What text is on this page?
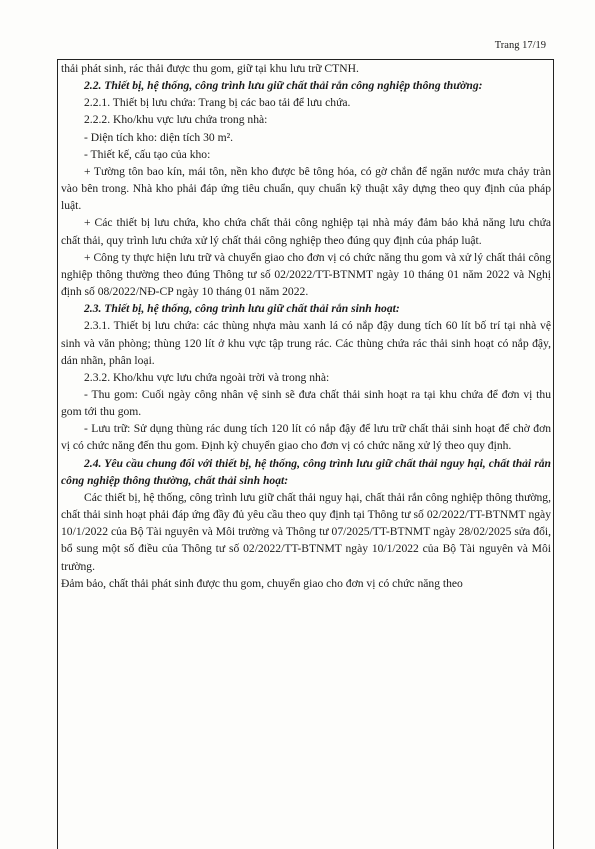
Trang 17/19

thải phát sinh, rác thải được thu gom, giữ tại khu lưu trữ CTNH.

2.2. Thiết bị, hệ thống, công trình lưu giữ chất thải rắn công nghiệp thông thường:

2.2.1. Thiết bị lưu chứa: Trang bị các bao tải để lưu chứa.

2.2.2. Kho/khu vực lưu chứa trong nhà:

- Diện tích kho: diện tích 30 m².

- Thiết kế, cấu tạo của kho:

+ Tường tôn bao kín, mái tôn, nền kho được bê tông hóa, có gờ chắn để ngăn nước mưa chảy tràn vào bên trong. Nhà kho phải đáp ứng tiêu chuẩn, quy chuẩn kỹ thuật xây dựng theo quy định của pháp luật.

+ Các thiết bị lưu chứa, kho chứa chất thải công nghiệp tại nhà máy đảm bảo khả năng lưu chứa chất thải, quy trình lưu chứa xử lý chất thải công nghiệp theo đúng quy định của pháp luật.

+ Công ty thực hiện lưu trữ và chuyển giao cho đơn vị có chức năng thu gom và xử lý chất thải công nghiệp thông thường theo đúng Thông tư số 02/2022/TT-BTNMT ngày 10 tháng 01 năm 2022 và Nghị định số 08/2022/NĐ-CP ngày 10 tháng 01 năm 2022.

2.3. Thiết bị, hệ thống, công trình lưu giữ chất thải rắn sinh hoạt:

2.3.1. Thiết bị lưu chứa: các thùng nhựa màu xanh lá có nắp đậy dung tích 60 lít bố trí tại nhà vệ sinh và văn phòng; thùng 120 lít ở khu vực tập trung rác. Các thùng chứa rác thải sinh hoạt có nắp đậy, dán nhãn, phân loại.

2.3.2. Kho/khu vực lưu chứa ngoài trời và trong nhà:

- Thu gom: Cuối ngày công nhân vệ sinh sẽ đưa chất thải sinh hoạt ra tại khu chứa để đơn vị thu gom tới thu gom.

- Lưu trữ: Sử dụng thùng rác dung tích 120 lít có nắp đậy để lưu trữ chất thải sinh hoạt để chờ đơn vị có chức năng đến thu gom. Định kỳ chuyển giao cho đơn vị có chức năng xử lý theo quy định.

2.4. Yêu cầu chung đối với thiết bị, hệ thống, công trình lưu giữ chất thải nguy hại, chất thải rắn công nghiệp thông thường, chất thải sinh hoạt:

Các thiết bị, hệ thống, công trình lưu giữ chất thải nguy hại, chất thải rắn công nghiệp thông thường, chất thải sinh hoạt phải đáp ứng đầy đủ yêu cầu theo quy định tại Thông tư số 02/2022/TT-BTNMT ngày 10/1/2022 của Bộ Tài nguyên và Môi trường và Thông tư 07/2025/TT-BTNMT ngày 28/02/2025 sửa đổi, bổ sung một số điều của Thông tư số 02/2022/TT-BTNMT ngày 10/1/2022 của Bộ Tài nguyên và Môi trường.

Đảm bảo, chất thải phát sinh được thu gom, chuyển giao cho đơn vị có chức năng theo
